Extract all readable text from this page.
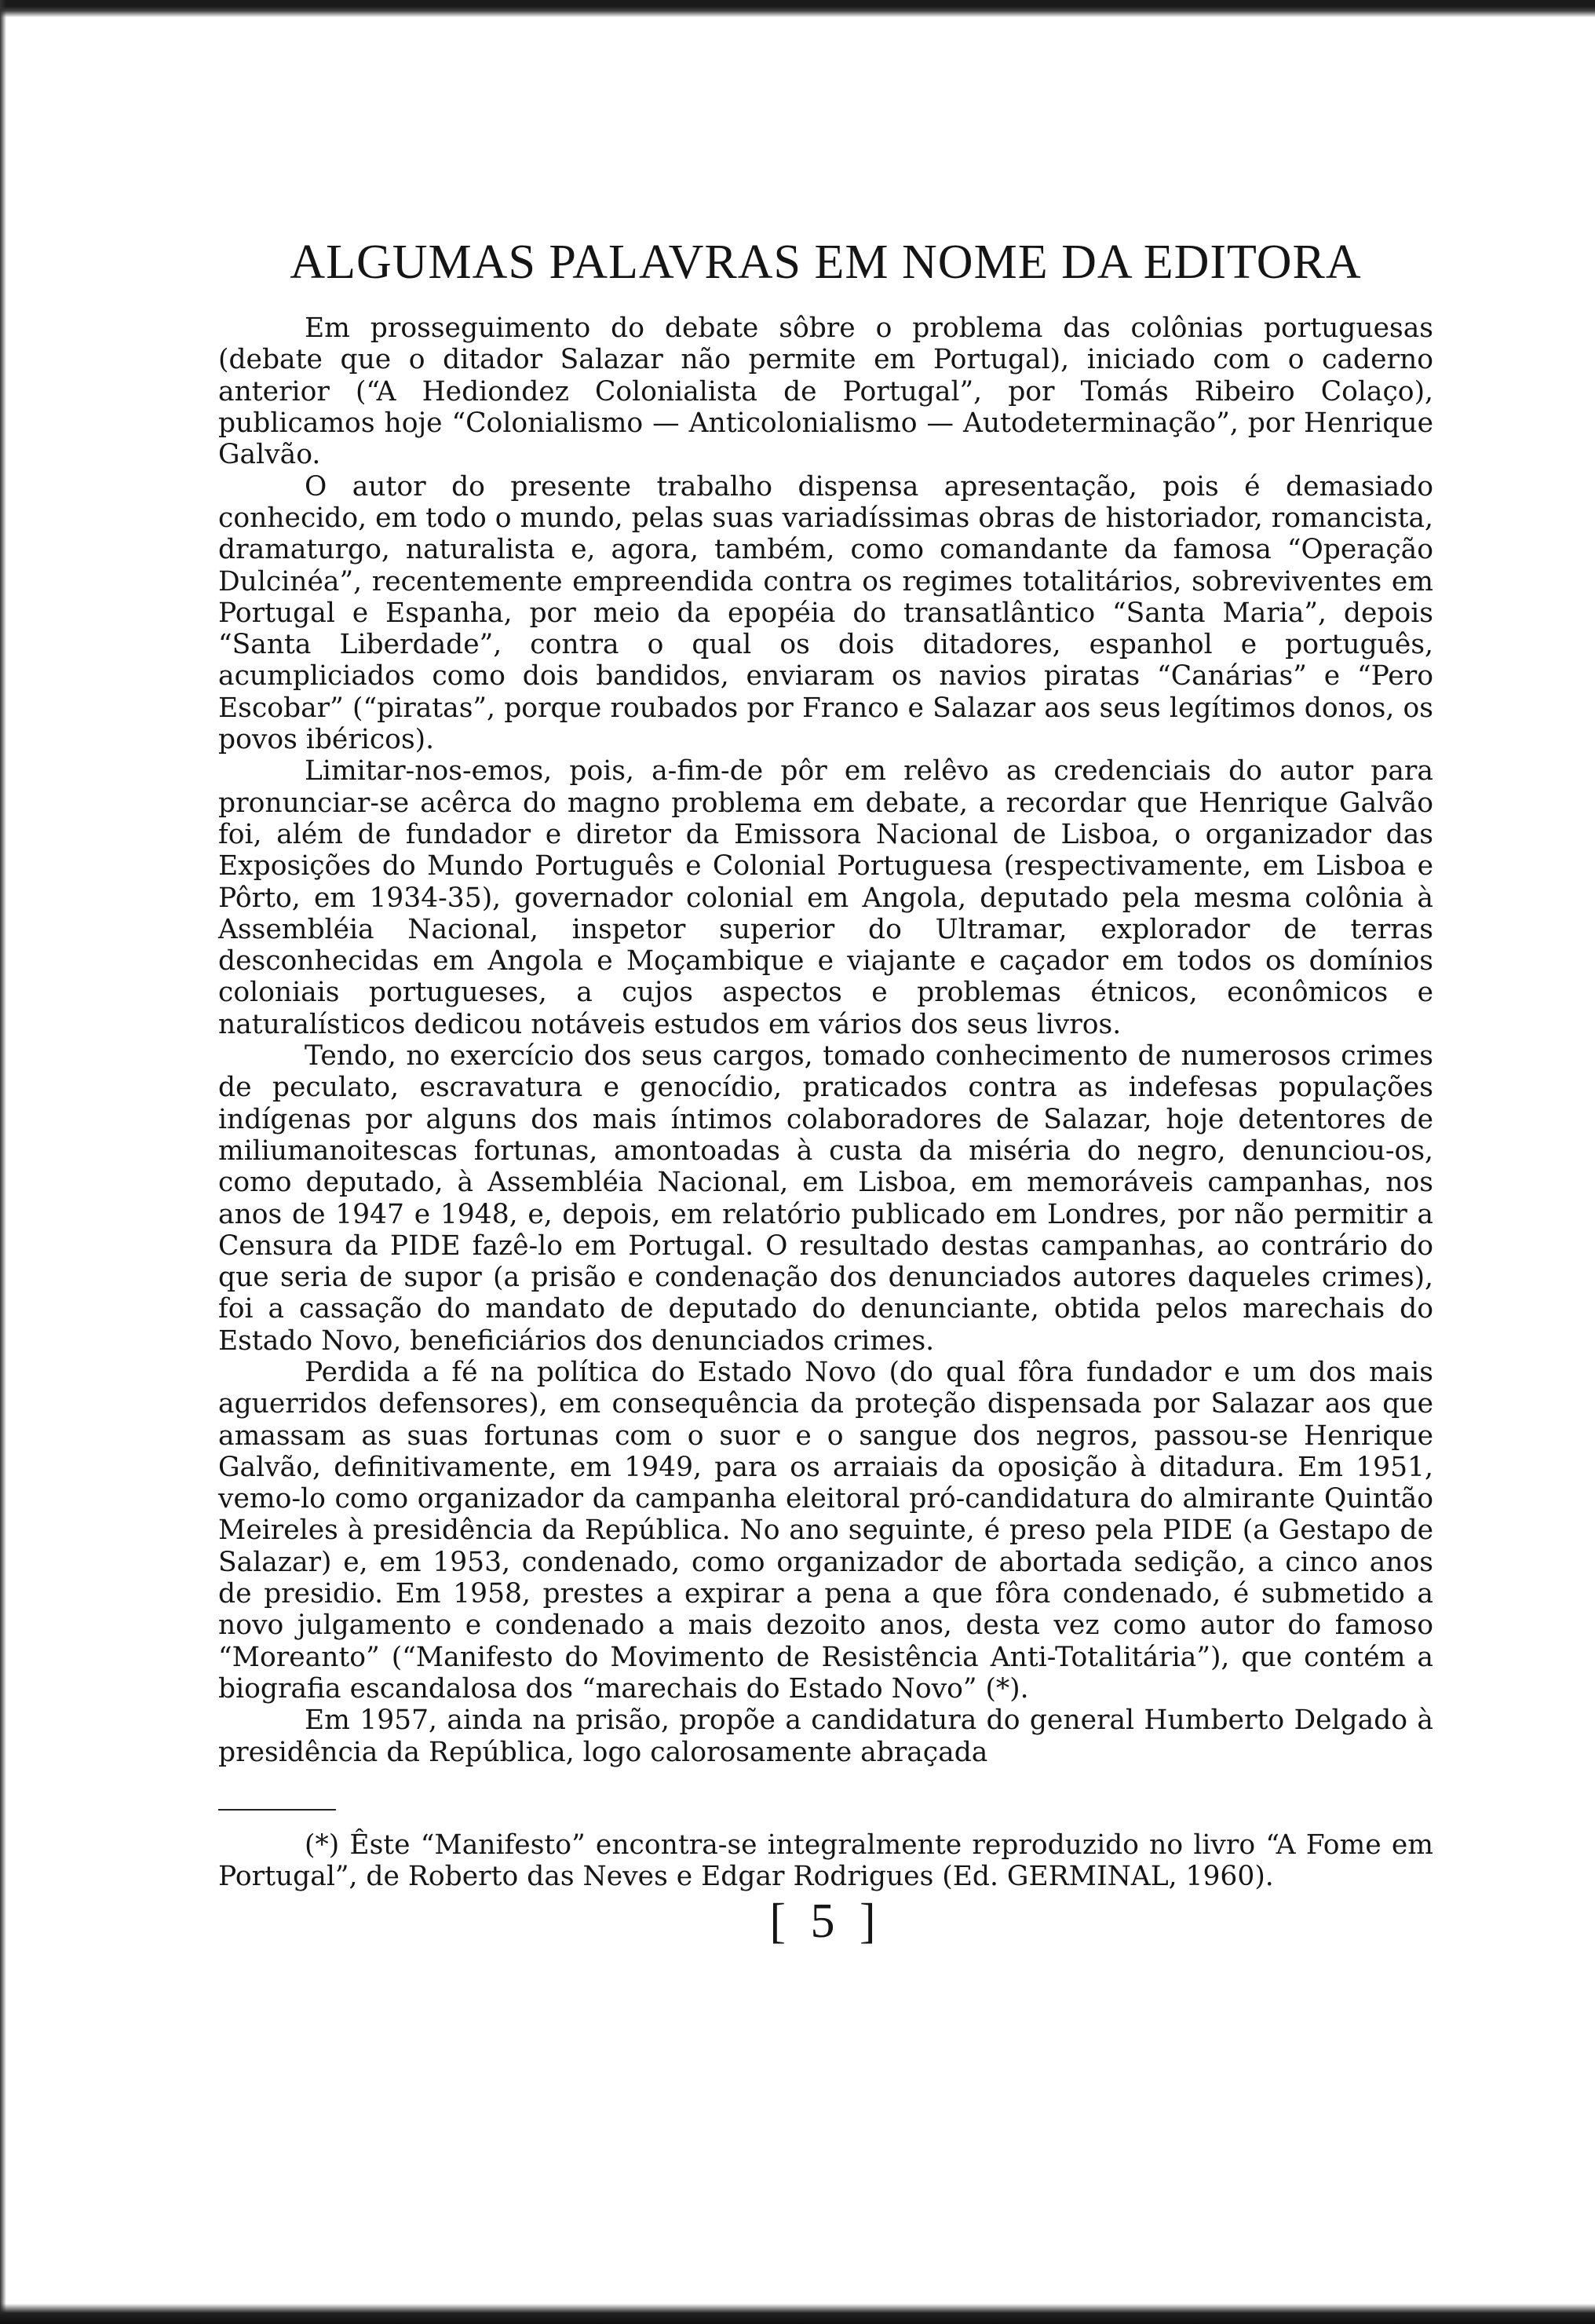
ALGUMAS PALAVRAS EM NOME DA EDITORA

Em prosseguimento do debate sôbre o problema das colônias portuguesas (debate que o ditador Salazar não permite em Portugal), iniciado com o caderno anterior (“A Hediondez Colonialista de Portugal”, por Tomás Ribeiro Colaço), publicamos hoje “Colonialismo — Anticolonialismo — Autodeterminação”, por Henrique Galvão.

O autor do presente trabalho dispensa apresentação, pois é demasiado conhecido, em todo o mundo, pelas suas variadíssimas obras de historiador, romancista, dramaturgo, naturalista e, agora, também, como comandante da famosa “Operação Dulcinéa”, recentemente empreendida contra os regimes totalitários, sobreviventes em Portugal e Espanha, por meio da epopéia do transatlântico “Santa Maria”, depois “Santa Liberdade”, contra o qual os dois ditadores, espanhol e português, acumpliciados como dois bandidos, enviaram os navios piratas “Canárias” e “Pero Escobar” (“piratas”, porque roubados por Franco e Salazar aos seus legítimos donos, os povos ibéricos).

Limitar-nos-emos, pois, a-fim-de pôr em relêvo as credenciais do autor para pronunciar-se acêrca do magno problema em debate, a recordar que Henrique Galvão foi, além de fundador e diretor da Emissora Nacional de Lisboa, o organizador das Exposições do Mundo Português e Colonial Portuguesa (respectivamente, em Lisboa e Pôrto, em 1934-35), governador colonial em Angola, deputado pela mesma colônia à Assembléia Nacional, inspetor superior do Ultramar, explorador de terras desconhecidas em Angola e Moçambique e viajante e caçador em todos os domínios coloniais portugueses, a cujos aspectos e problemas étnicos, econômicos e naturalísticos dedicou notáveis estudos em vários dos seus livros.

Tendo, no exercício dos seus cargos, tomado conhecimento de numerosos crimes de peculato, escravatura e genocídio, praticados contra as indefesas populações indígenas por alguns dos mais íntimos colaboradores de Salazar, hoje detentores de miliumanoitescas fortunas, amontoadas à custa da miséria do negro, denunciou-os, como deputado, à Assembléia Nacional, em Lisboa, em memoráveis campanhas, nos anos de 1947 e 1948, e, depois, em relatório publicado em Londres, por não permitir a Censura da PIDE fazê-lo em Portugal. O resultado destas campanhas, ao contrário do que seria de supor (a prisão e condenação dos denunciados autores daqueles crimes), foi a cassação do mandato de deputado do denunciante, obtida pelos marechais do Estado Novo, beneficiários dos denunciados crimes.

Perdida a fé na política do Estado Novo (do qual fôra fundador e um dos mais aguerridos defensores), em consequência da proteção dispensada por Salazar aos que amassam as suas fortunas com o suor e o sangue dos negros, passou-se Henrique Galvão, definitivamente, em 1949, para os arraiais da oposição à ditadura. Em 1951, vemo-lo como organizador da campanha eleitoral pró-candidatura do almirante Quintão Meireles à presidência da República. No ano seguinte, é preso pela PIDE (a Gestapo de Salazar) e, em 1953, condenado, como organizador de abortada sedição, a cinco anos de presidio. Em 1958, prestes a expirar a pena a que fôra condenado, é submetido a novo julgamento e condenado a mais dezoito anos, desta vez como autor do famoso “Moreanto” (“Manifesto do Movimento de Resistência Anti-Totalitária”), que contém a biografia escandalosa dos “marechais do Estado Novo” (*).

Em 1957, ainda na prisão, propõe a candidatura do general Humberto Delgado à presidência da República, logo calorosamente abraçada

(*) Êste “Manifesto” encontra-se integralmente reproduzido no livro “A Fome em Portugal”, de Roberto das Neves e Edgar Rodrigues (Ed. GERMINAL, 1960).

[ 5 ]
